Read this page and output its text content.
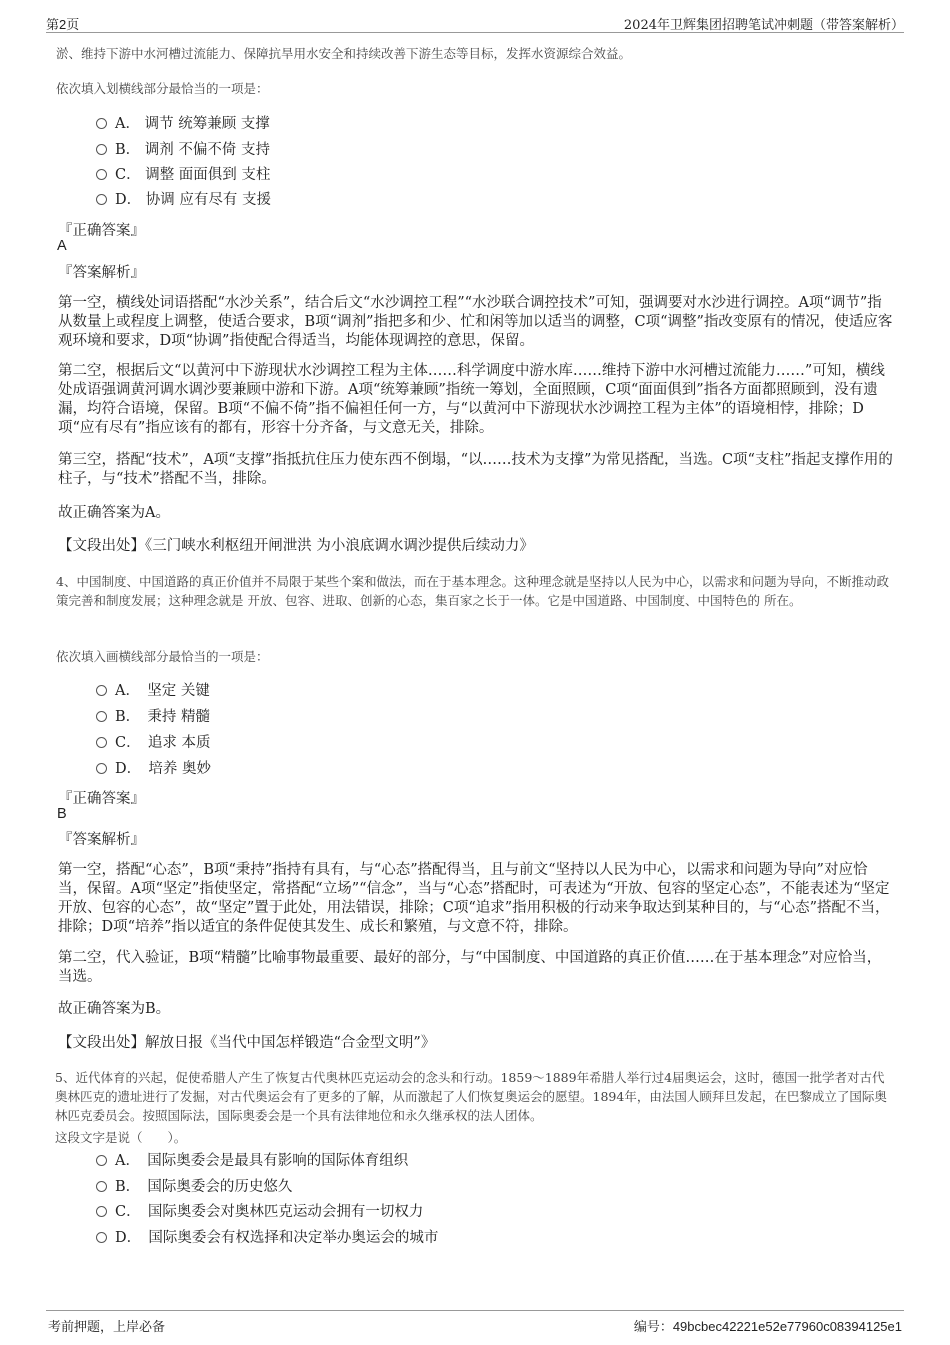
第2页	2024年卫辉集团招聘笔试冲刺题（带答案解析）
淤、维持下游中水河槽过流能力、保障抗旱用水安全和持续改善下游生态等目标，发挥水资源综合效益。
依次填入划横线部分最恰当的一项是：
A． 调节 统筹兼顾 支撑
B． 调剂 不偏不倚 支持
C． 调整 面面俱到 支柱
D． 协调 应有尽有 支援
『正确答案』
A
『答案解析』
第一空，横线处词语搭配“水沙关系”，结合后文“水沙调控工程”“水沙联合调控技术”可知，强调要对水沙进行调控。A项“调节”指从数量上或程度上调整，使适合要求，B项“调剂”指把多和少、忙和闲等加以适当的调整，C项“调整”指改变原有的情况，使适应客观环境和要求，D项“协调”指使配合得适当，均能体现调控的意思，保留。
第二空，根据后文“以黄河中下游现状水沙调控工程为主体……科学调度中游水库……维持下游中水河槽过流能力……”可知，横线处成语强调黄河调水调沙要兼顾中游和下游。A项“统筹兼顾”指统一筹划，全面照顾，C项“面面俱到”指各方面都照顾到，没有遗漏，均符合语境，保留。B项“不偏不倚”指不偏袒任何一方，与“以黄河中下游现状水沙调控工程为主体”的语境相悖，排除；D项“应有尽有”指应该有的都有，形容十分齐备，与文意无关，排除。
第三空，搭配“技术”，A项“支撑”指抵抗住压力使东西不倒塌，“以……技术为支撑”为常见搭配，当选。C项“支柱”指起支撑作用的柱子，与“技术”搭配不当，排除。
故正确答案为A。
【文段出处】《三门峡水利枢纽开闸泄洪 为小浪底调水调沙提供后续动力》
4、中国制度、中国道路的真正价值并不局限于某些个案和做法，而在于基本理念。这种理念就是坚持以人民为中心，以需求和问题为导向，不断推动政策完善和制度发展；这种理念就是 开放、包容、进取、创新的心态，集百家之长于一体。它是中国道路、中国制度、中国特色的 所在。
依次填入画横线部分最恰当的一项是：
A．　坚定 关键
B．　秉持 精髓
C．　追求 本质
D．　培养 奥妙
『正确答案』
B
『答案解析』
第一空，搭配“心态”，B项“秉持”指持有具有，与“心态”搭配得当，且与前文“坚持以人民为中心，以需求和问题为导向”对应恰当，保留。A项“坚定”指使坚定，常搭配“立场”“信念”，当与“心态”搭配时，可表述为“开放、包容的坚定心态”，不能表述为“坚定开放、包容的心态”，故“坚定”置于此处，用法错误，排除；C项“追求”指用积极的行动来争取达到某种目的，与“心态”搭配不当，排除；D项“培养”指以适宜的条件促使其发生、成长和繁殖，与文意不符，排除。
第二空，代入验证，B项“精髓”比喻事物最重要、最好的部分，与“中国制度、中国道路的真正价值……在于基本理念”对应恰当，当选。
故正确答案为B。
【文段出处】解放日报《当代中国怎样锻造“合金型文明”》
5、近代体育的兴起，促使希腊人产生了恢复古代奥林匹克运动会的念头和行动。1859～1889年希腊人举行过4届奥运会，这时，德国一批学者对古代奥林匹克的遗址进行了发掘，对古代奥运会有了更多的了解，从而激起了人们恢复奥运会的愿望。1894年，由法国人顾拜旦发起，在巴黎成立了国际奥林匹克委员会。按照国际法，国际奥委会是一个具有法律地位和永久继承权的法人团体。
这段文字是说（　　）。
A．　国际奥委会是最具有影响的国际体育组织
B．　国际奥委会的历史悠久
C．　国际奥委会对奥林匹克运动会拥有一切权力
D．　国际奥委会有权选择和决定举办奥运会的城市
考前押题，上岸必备	编号：49bcbec42221e52e77960c08394125e1
